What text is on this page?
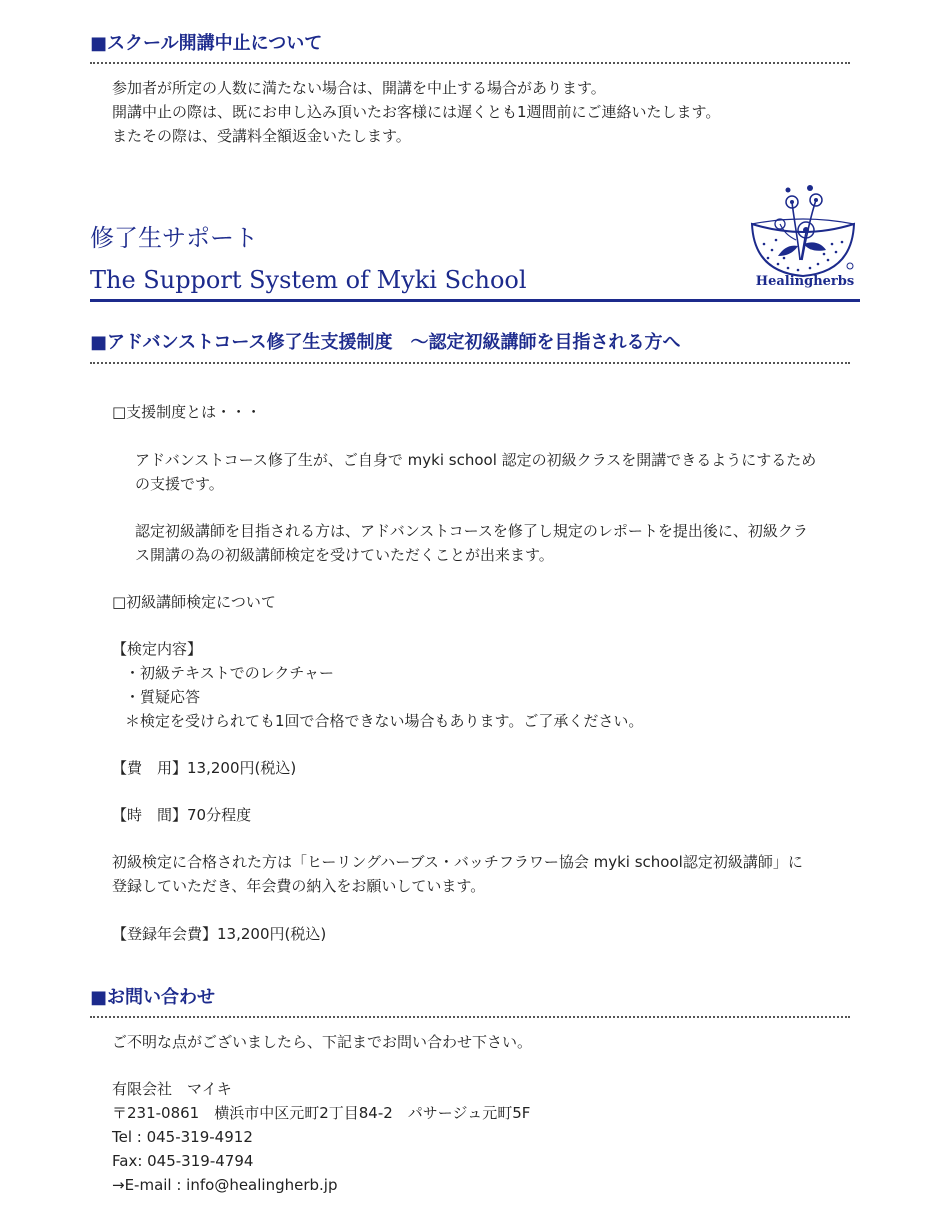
■スクール開講中止について
参加者が所定の人数に満たない場合は、開講を中止する場合があります。
開講中止の際は、既にお申し込み頂いたお客様には遅くとも1週間前にご連絡いたします。
またその際は、受講料全額返金いたします。
修了生サポート
The Support System of Myki School	Healingherbs
■アドバンストコース修了生支援制度　～認定初級講師を目指される方へ
□支援制度とは・・・
アドバンストコース修了生が、ご自身で myki school 認定の初級クラスを開講できるようにするため
の支援です。
認定初級講師を目指される方は、アドバンストコースを修了し規定のレポートを提出後に、初級クラ
ス開講の為の初級講師検定を受けていただくことが出来ます。
□初級講師検定について
【検定内容】
・初級テキストでのレクチャー
・質疑応答
＊検定を受けられても1回で合格できない場合もあります。ご了承ください。
【費　用】13,200円(税込)
【時　間】70分程度
初級検定に合格された方は「ヒーリングハーブス・バッチフラワー協会 myki school認定初級講師」に
登録していただき、年会費の納入をお願いしています。
【登録年会費】13,200円(税込)
■お問い合わせ
ご不明な点がございましたら、下記までお問い合わせ下さい。
有限会社　マイキ
〒231-0861　横浜市中区元町2丁目84-2　パサージュ元町5F
Tel : 045-319-4912
Fax: 045-319-4794
→E-mail : info@healingherb.jp
